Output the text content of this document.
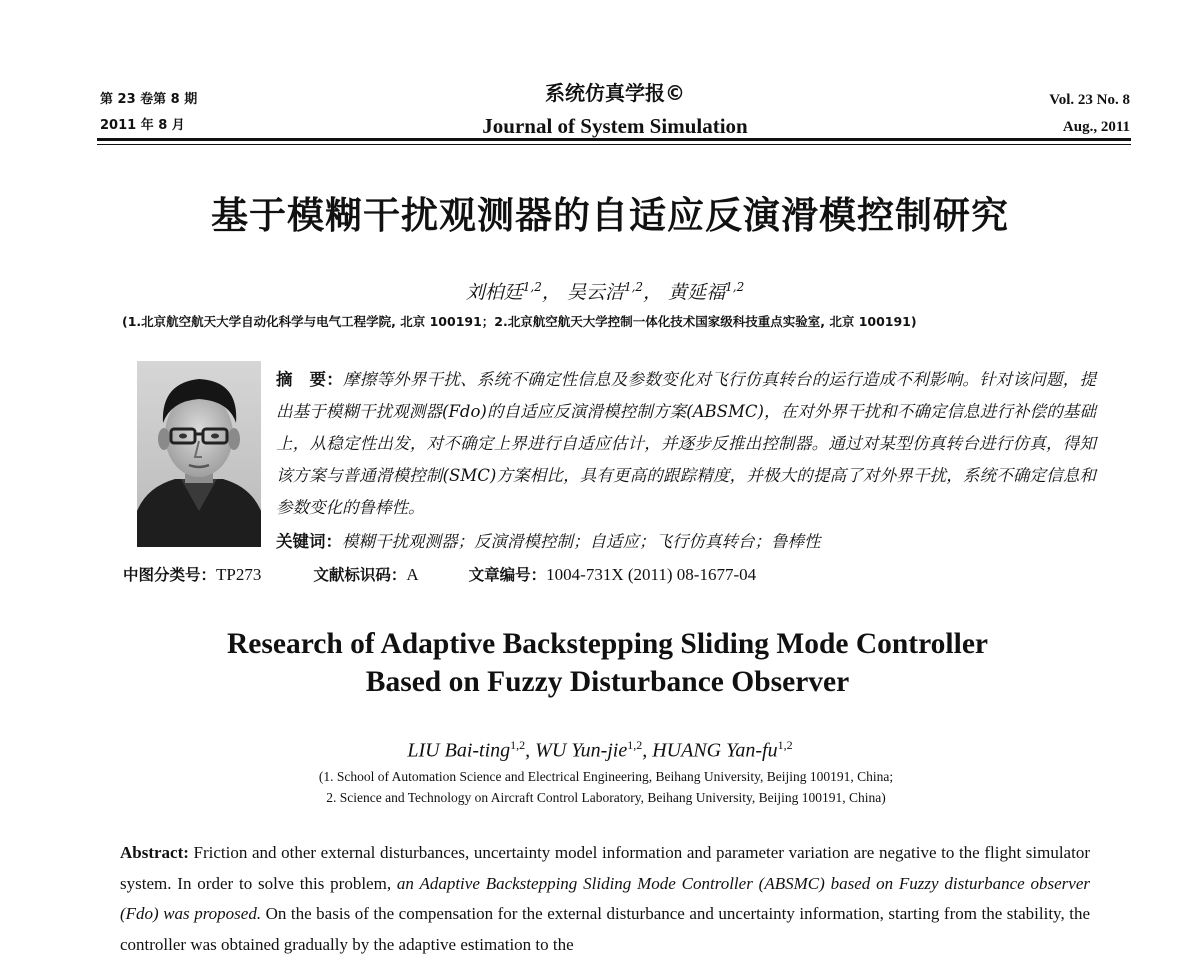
第 23 卷第 8 期
2011 年 8 月
系统仿真学报©
Journal of System Simulation
Vol. 23 No. 8
Aug., 2011
基于模糊干扰观测器的自适应反演滑模控制研究
刘柏廷$^{1,2}$， 吴云洁$^{1,2}$， 黄延福$^{1,2}$
(1.北京航空航天大学自动化科学与电气工程学院, 北京 100191；2.北京航空航天大学控制一体化技术国家级科技重点实验室, 北京 100191)
摘　要：摩擦等外界干扰、系统不确定性信息及参数变化对飞行仿真转台的运行造成不利影响。针对该问题，提出基于模糊干扰观测器(Fdo)的自适应反演滑模控制方案(ABSMC)，在对外界干扰和不确定信息进行补偿的基础上，从稳定性出发，对不确定上界进行自适应估计，并逐步反推出控制器。通过对某型仿真转台进行仿真，得知该方案与普通滑模控制(SMC)方案相比，具有更高的跟踪精度，并极大的提高了对外界干扰，系统不确定信息和参数变化的鲁棒性。
关键词：模糊干扰观测器；反演滑模控制；自适应；飞行仿真转台；鲁棒性
中图分类号：TP273	文献标识码：A	文章编号：1004-731X (2011) 08-1677-04
Research of Adaptive Backstepping Sliding Mode Controller
Based on Fuzzy Disturbance Observer
LIU Bai-ting$^{1,2}$, WU Yun-jie$^{1,2}$, HUANG Yan-fu$^{1,2}$
(1. School of Automation Science and Electrical Engineering, Beihang University, Beijing 100191, China;
2. Science and Technology on Aircraft Control Laboratory, Beihang University, Beijing 100191, China)
Abstract: Friction and other external disturbances, uncertainty model information and parameter variation are negative to the flight simulator system. In order to solve this problem, an Adaptive Backstepping Sliding Mode Controller (ABSMC) based on Fuzzy disturbance observer (Fdo) was proposed. On the basis of the compensation for the external disturbance and uncertainty information, starting from the stability, the controller was obtained gradually by the adaptive estimation to the
